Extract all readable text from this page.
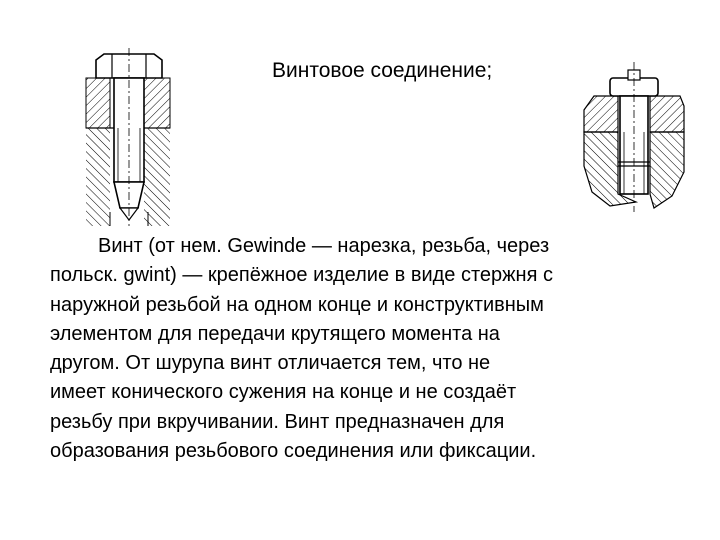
Винтовое соединение;

Винт (от нем. Gewinde — нарезка, резьба, через

польск. gwint) — крепёжное изделие в виде стержня с

наружной резьбой на одном конце и конструктивным

элементом для передачи крутящего момента на

другом. От шурупа винт отличается тем, что не

имеет конического сужения на конце и не создаёт

резьбу при вкручивании. Винт предназначен для

образования резьбового соединения или фиксации.
